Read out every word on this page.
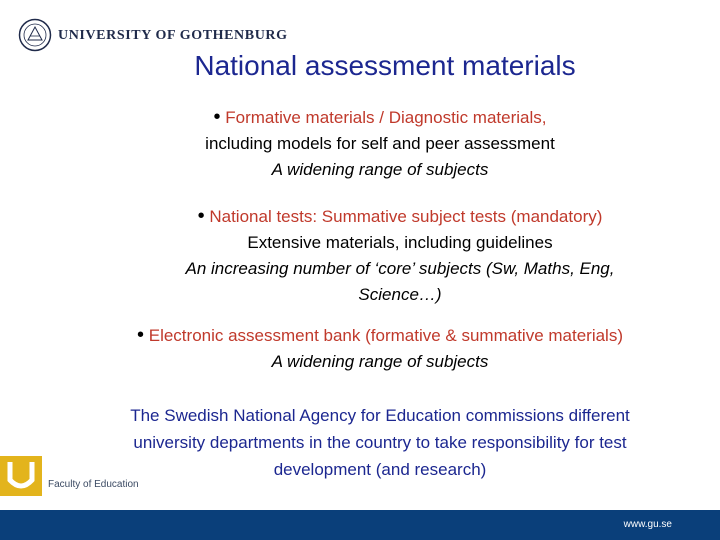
UNIVERSITY OF GOTHENBURG
National assessment materials
• Formative materials / Diagnostic materials,
including models for self and peer assessment
A widening range of subjects
• National tests: Summative subject tests (mandatory)
Extensive materials, including guidelines
An increasing number of ‘core’ subjects (Sw, Maths, Eng,
Science…)
• Electronic assessment bank (formative & summative materials)
A widening range of subjects
The Swedish National Agency for Education commissions different
university departments in the country to take responsibility for test
development (and research)
Faculty of Education
www.gu.se
